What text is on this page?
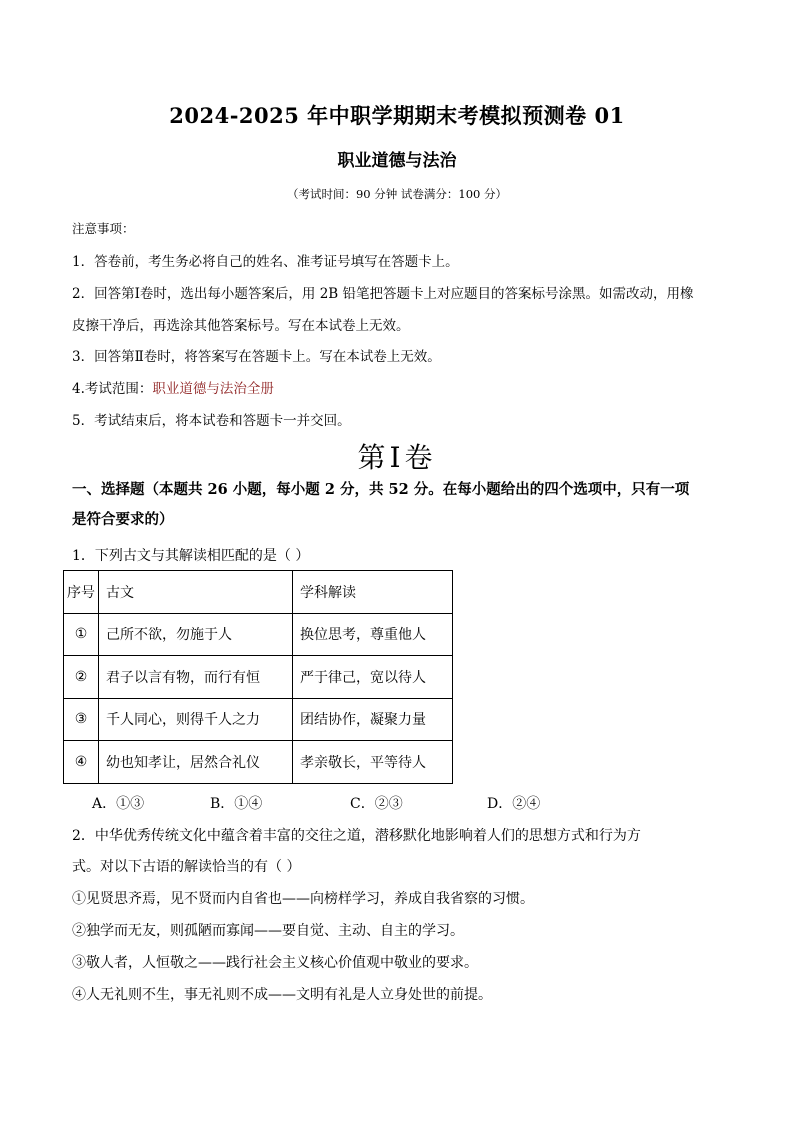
2024-2025 年中职学期期末考模拟预测卷 01
职业道德与法治
（考试时间：90 分钟 试卷满分：100 分）
注意事项：
1．答卷前，考生务必将自己的姓名、准考证号填写在答题卡上。
2．回答第Ⅰ卷时，选出每小题答案后，用 2B 铅笔把答题卡上对应题目的答案标号涂黑。如需改动，用橡
皮擦干净后，再选涂其他答案标号。写在本试卷上无效。
3．回答第Ⅱ卷时，将答案写在答题卡上。写在本试卷上无效。
4.考试范围：职业道德与法治全册
5．考试结束后，将本试卷和答题卡一并交回。
第Ⅰ卷
一、选择题（本题共 26 小题，每小题 2 分，共 52 分。在每小题给出的四个选项中，只有一项
是符合要求的）
1．下列古文与其解读相匹配的是（ ）
序号	古文	学科解读
①	己所不欲，勿施于人	换位思考，尊重他人
②	君子以言有物，而行有恒	严于律己，宽以待人
③	千人同心，则得千人之力	团结协作，凝聚力量
④	幼也知孝让，居然合礼仪	孝亲敬长，平等待人
A．①③	B．①④	C．②③	D．②④
2．中华优秀传统文化中蕴含着丰富的交往之道，潜移默化地影响着人们的思想方式和行为方
式。对以下古语的解读恰当的有（ ）
①见贤思齐焉，见不贤而内自省也——向榜样学习，养成自我省察的习惯。
②独学而无友，则孤陋而寡闻——要自觉、主动、自主的学习。
③敬人者，人恒敬之——践行社会主义核心价值观中敬业的要求。
④人无礼则不生，事无礼则不成——文明有礼是人立身处世的前提。
